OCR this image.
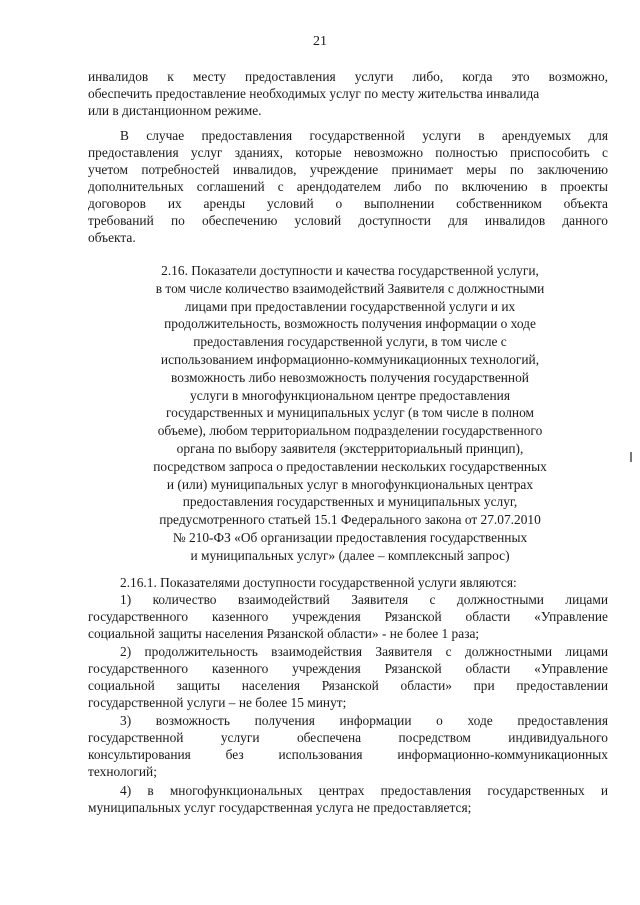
21
инвалидов к месту предоставления услуги либо, когда это возможно,
обеспечить предоставление необходимых услуг по месту жительства инвалида
или в дистанционном режиме.
В случае предоставления государственной услуги в арендуемых для
предоставления услуг зданиях, которые невозможно полностью приспособить с
учетом потребностей инвалидов, учреждение принимает меры по заключению
дополнительных соглашений с арендодателем либо по включению в проекты
договоров их аренды условий о выполнении собственником объекта
требований по обеспечению условий доступности для инвалидов данного
объекта.
2.16. Показатели доступности и качества государственной услуги,
в том числе количество взаимодействий Заявителя с должностными
лицами при предоставлении государственной услуги и их
продолжительность, возможность получения информации о ходе
предоставления государственной услуги, в том числе с
использованием информационно-коммуникационных технологий,
возможность либо невозможность получения государственной
услуги в многофункциональном центре предоставления
государственных и муниципальных услуг (в том числе в полном
объеме), любом территориальном подразделении государственного
органа по выбору заявителя (экстерриториальный принцип),
посредством запроса о предоставлении нескольких государственных
и (или) муниципальных услуг в многофункциональных центрах
предоставления государственных и муниципальных услуг,
предусмотренного статьей 15.1 Федерального закона от 27.07.2010
№ 210-ФЗ «Об организации предоставления государственных
и муниципальных услуг» (далее – комплексный запрос)
2.16.1. Показателями доступности государственной услуги являются:
1) количество взаимодействий Заявителя с должностными лицами
государственного казенного учреждения Рязанской области «Управление
социальной защиты населения Рязанской области» - не более 1 раза;
2) продолжительность взаимодействия Заявителя с должностными лицами
государственного казенного учреждения Рязанской области «Управление
социальной защиты населения Рязанской области» при предоставлении
государственной услуги – не более 15 минут;
3) возможность получения информации о ходе предоставления
государственной услуги обеспечена посредством индивидуального
консультирования без использования информационно-коммуникационных
технологий;
4) в многофункциональных центрах предоставления государственных и
муниципальных услуг государственная услуга не предоставляется;
